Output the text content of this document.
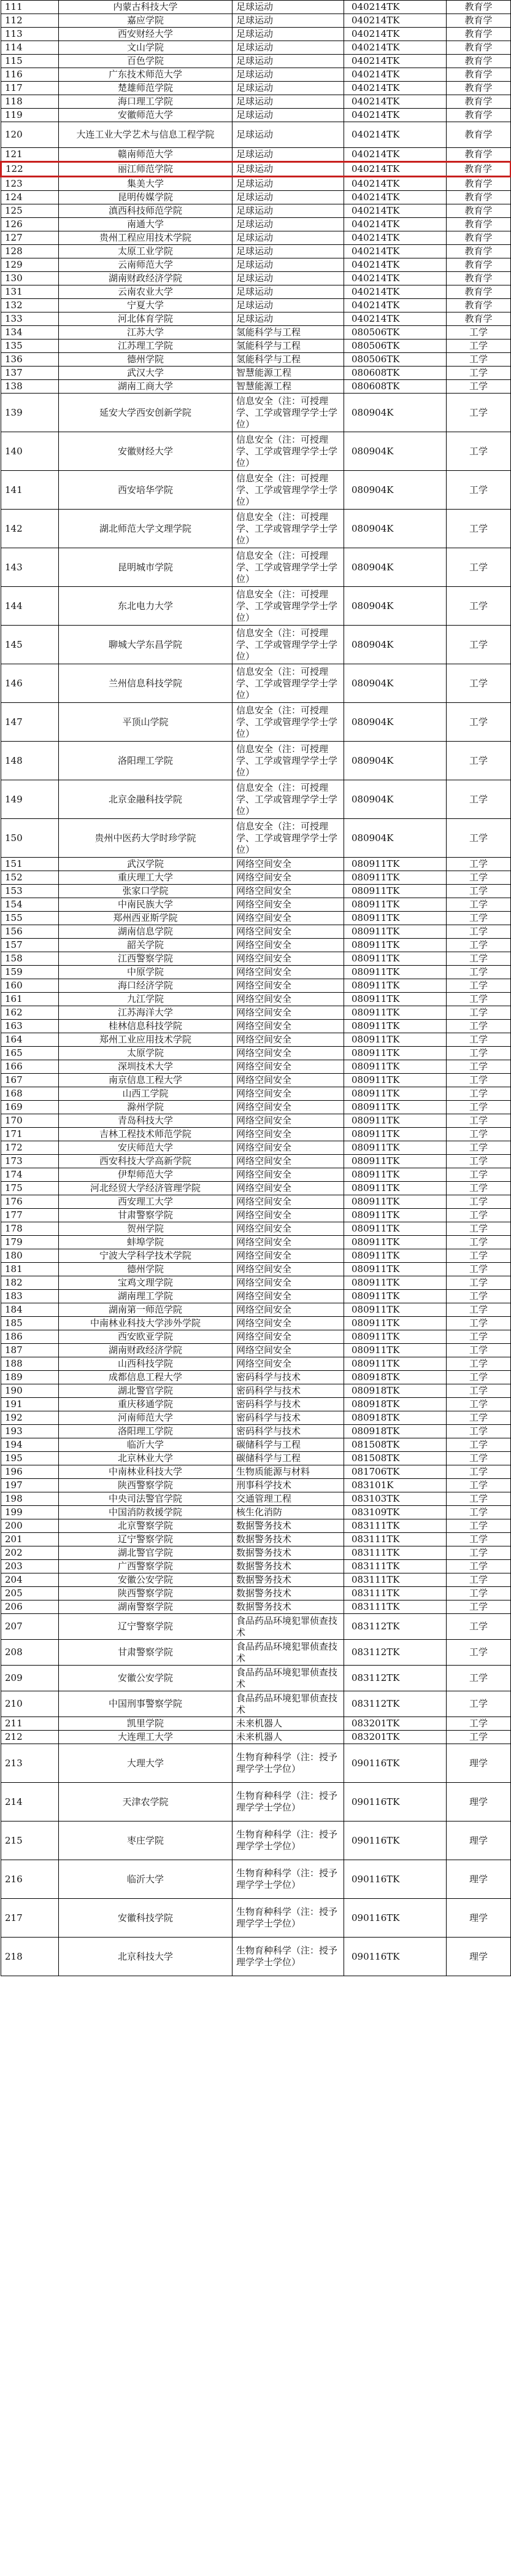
111	内蒙古科技大学	足球运动	040214TK	教育学
112	嘉应学院	足球运动	040214TK	教育学
113	西安财经大学	足球运动	040214TK	教育学
114	文山学院	足球运动	040214TK	教育学
115	百色学院	足球运动	040214TK	教育学
116	广东技术师范大学	足球运动	040214TK	教育学
117	楚雄师范学院	足球运动	040214TK	教育学
118	海口理工学院	足球运动	040214TK	教育学
119	安徽师范大学	足球运动	040214TK	教育学
120	大连工业大学艺术与信息工程学院	足球运动	040214TK	教育学
121	赣南师范大学	足球运动	040214TK	教育学
122	丽江师范学院	足球运动	040214TK	教育学
123	集美大学	足球运动	040214TK	教育学
124	昆明传媒学院	足球运动	040214TK	教育学
125	滇西科技师范学院	足球运动	040214TK	教育学
126	南通大学	足球运动	040214TK	教育学
127	贵州工程应用技术学院	足球运动	040214TK	教育学
128	太原工业学院	足球运动	040214TK	教育学
129	云南师范大学	足球运动	040214TK	教育学
130	湖南财政经济学院	足球运动	040214TK	教育学
131	云南农业大学	足球运动	040214TK	教育学
132	宁夏大学	足球运动	040214TK	教育学
133	河北体育学院	足球运动	040214TK	教育学
134	江苏大学	氢能科学与工程	080506TK	工学
135	江苏理工学院	氢能科学与工程	080506TK	工学
136	德州学院	氢能科学与工程	080506TK	工学
137	武汉大学	智慧能源工程	080608TK	工学
138	湖南工商大学	智慧能源工程	080608TK	工学
139	延安大学西安创新学院	信息安全（注：可授理学、工学或管理学学士学位）	080904K	工学
140	安徽财经大学	信息安全（注：可授理学、工学或管理学学士学位）	080904K	工学
141	西安培华学院	信息安全（注：可授理学、工学或管理学学士学位）	080904K	工学
142	湖北师范大学文理学院	信息安全（注：可授理学、工学或管理学学士学位）	080904K	工学
143	昆明城市学院	信息安全（注：可授理学、工学或管理学学士学位）	080904K	工学
144	东北电力大学	信息安全（注：可授理学、工学或管理学学士学位）	080904K	工学
145	聊城大学东昌学院	信息安全（注：可授理学、工学或管理学学士学位）	080904K	工学
146	兰州信息科技学院	信息安全（注：可授理学、工学或管理学学士学位）	080904K	工学
147	平顶山学院	信息安全（注：可授理学、工学或管理学学士学位）	080904K	工学
148	洛阳理工学院	信息安全（注：可授理学、工学或管理学学士学位）	080904K	工学
149	北京金融科技学院	信息安全（注：可授理学、工学或管理学学士学位）	080904K	工学
150	贵州中医药大学时珍学院	信息安全（注：可授理学、工学或管理学学士学位）	080904K	工学
151	武汉学院	网络空间安全	080911TK	工学
152	重庆理工大学	网络空间安全	080911TK	工学
153	张家口学院	网络空间安全	080911TK	工学
154	中南民族大学	网络空间安全	080911TK	工学
155	郑州西亚斯学院	网络空间安全	080911TK	工学
156	湖南信息学院	网络空间安全	080911TK	工学
157	韶关学院	网络空间安全	080911TK	工学
158	江西警察学院	网络空间安全	080911TK	工学
159	中原学院	网络空间安全	080911TK	工学
160	海口经济学院	网络空间安全	080911TK	工学
161	九江学院	网络空间安全	080911TK	工学
162	江苏海洋大学	网络空间安全	080911TK	工学
163	桂林信息科技学院	网络空间安全	080911TK	工学
164	郑州工业应用技术学院	网络空间安全	080911TK	工学
165	太原学院	网络空间安全	080911TK	工学
166	深圳技术大学	网络空间安全	080911TK	工学
167	南京信息工程大学	网络空间安全	080911TK	工学
168	山西工学院	网络空间安全	080911TK	工学
169	滁州学院	网络空间安全	080911TK	工学
170	青岛科技大学	网络空间安全	080911TK	工学
171	吉林工程技术师范学院	网络空间安全	080911TK	工学
172	安庆师范大学	网络空间安全	080911TK	工学
173	西安科技大学高新学院	网络空间安全	080911TK	工学
174	伊犁师范大学	网络空间安全	080911TK	工学
175	河北经贸大学经济管理学院	网络空间安全	080911TK	工学
176	西安理工大学	网络空间安全	080911TK	工学
177	甘肃警察学院	网络空间安全	080911TK	工学
178	贺州学院	网络空间安全	080911TK	工学
179	蚌埠学院	网络空间安全	080911TK	工学
180	宁波大学科学技术学院	网络空间安全	080911TK	工学
181	德州学院	网络空间安全	080911TK	工学
182	宝鸡文理学院	网络空间安全	080911TK	工学
183	湖南理工学院	网络空间安全	080911TK	工学
184	湖南第一师范学院	网络空间安全	080911TK	工学
185	中南林业科技大学涉外学院	网络空间安全	080911TK	工学
186	西安欧亚学院	网络空间安全	080911TK	工学
187	湖南财政经济学院	网络空间安全	080911TK	工学
188	山西科技学院	网络空间安全	080911TK	工学
189	成都信息工程大学	密码科学与技术	080918TK	工学
190	湖北警官学院	密码科学与技术	080918TK	工学
191	重庆移通学院	密码科学与技术	080918TK	工学
192	河南师范大学	密码科学与技术	080918TK	工学
193	洛阳理工学院	密码科学与技术	080918TK	工学
194	临沂大学	碳储科学与工程	081508TK	工学
195	北京林业大学	碳储科学与工程	081508TK	工学
196	中南林业科技大学	生物质能源与材料	081706TK	工学
197	陕西警察学院	刑事科学技术	083101K	工学
198	中央司法警官学院	交通管理工程	083103TK	工学
199	中国消防救援学院	核生化消防	083109TK	工学
200	北京警察学院	数据警务技术	083111TK	工学
201	辽宁警察学院	数据警务技术	083111TK	工学
202	湖北警官学院	数据警务技术	083111TK	工学
203	广西警察学院	数据警务技术	083111TK	工学
204	安徽公安学院	数据警务技术	083111TK	工学
205	陕西警察学院	数据警务技术	083111TK	工学
206	湖南警察学院	数据警务技术	083111TK	工学
207	辽宁警察学院	食品药品环境犯罪侦查技术	083112TK	工学
208	甘肃警察学院	食品药品环境犯罪侦查技术	083112TK	工学
209	安徽公安学院	食品药品环境犯罪侦查技术	083112TK	工学
210	中国刑事警察学院	食品药品环境犯罪侦查技术	083112TK	工学
211	凯里学院	未来机器人	083201TK	工学
212	大连理工大学	未来机器人	083201TK	工学
213	大理大学	生物育种科学（注：授予理学学士学位）	090116TK	理学
214	天津农学院	生物育种科学（注：授予理学学士学位）	090116TK	理学
215	枣庄学院	生物育种科学（注：授予理学学士学位）	090116TK	理学
216	临沂大学	生物育种科学（注：授予理学学士学位）	090116TK	理学
217	安徽科技学院	生物育种科学（注：授予理学学士学位）	090116TK	理学
218	北京科技大学	生物育种科学（注：授予理学学士学位）	090116TK	理学
